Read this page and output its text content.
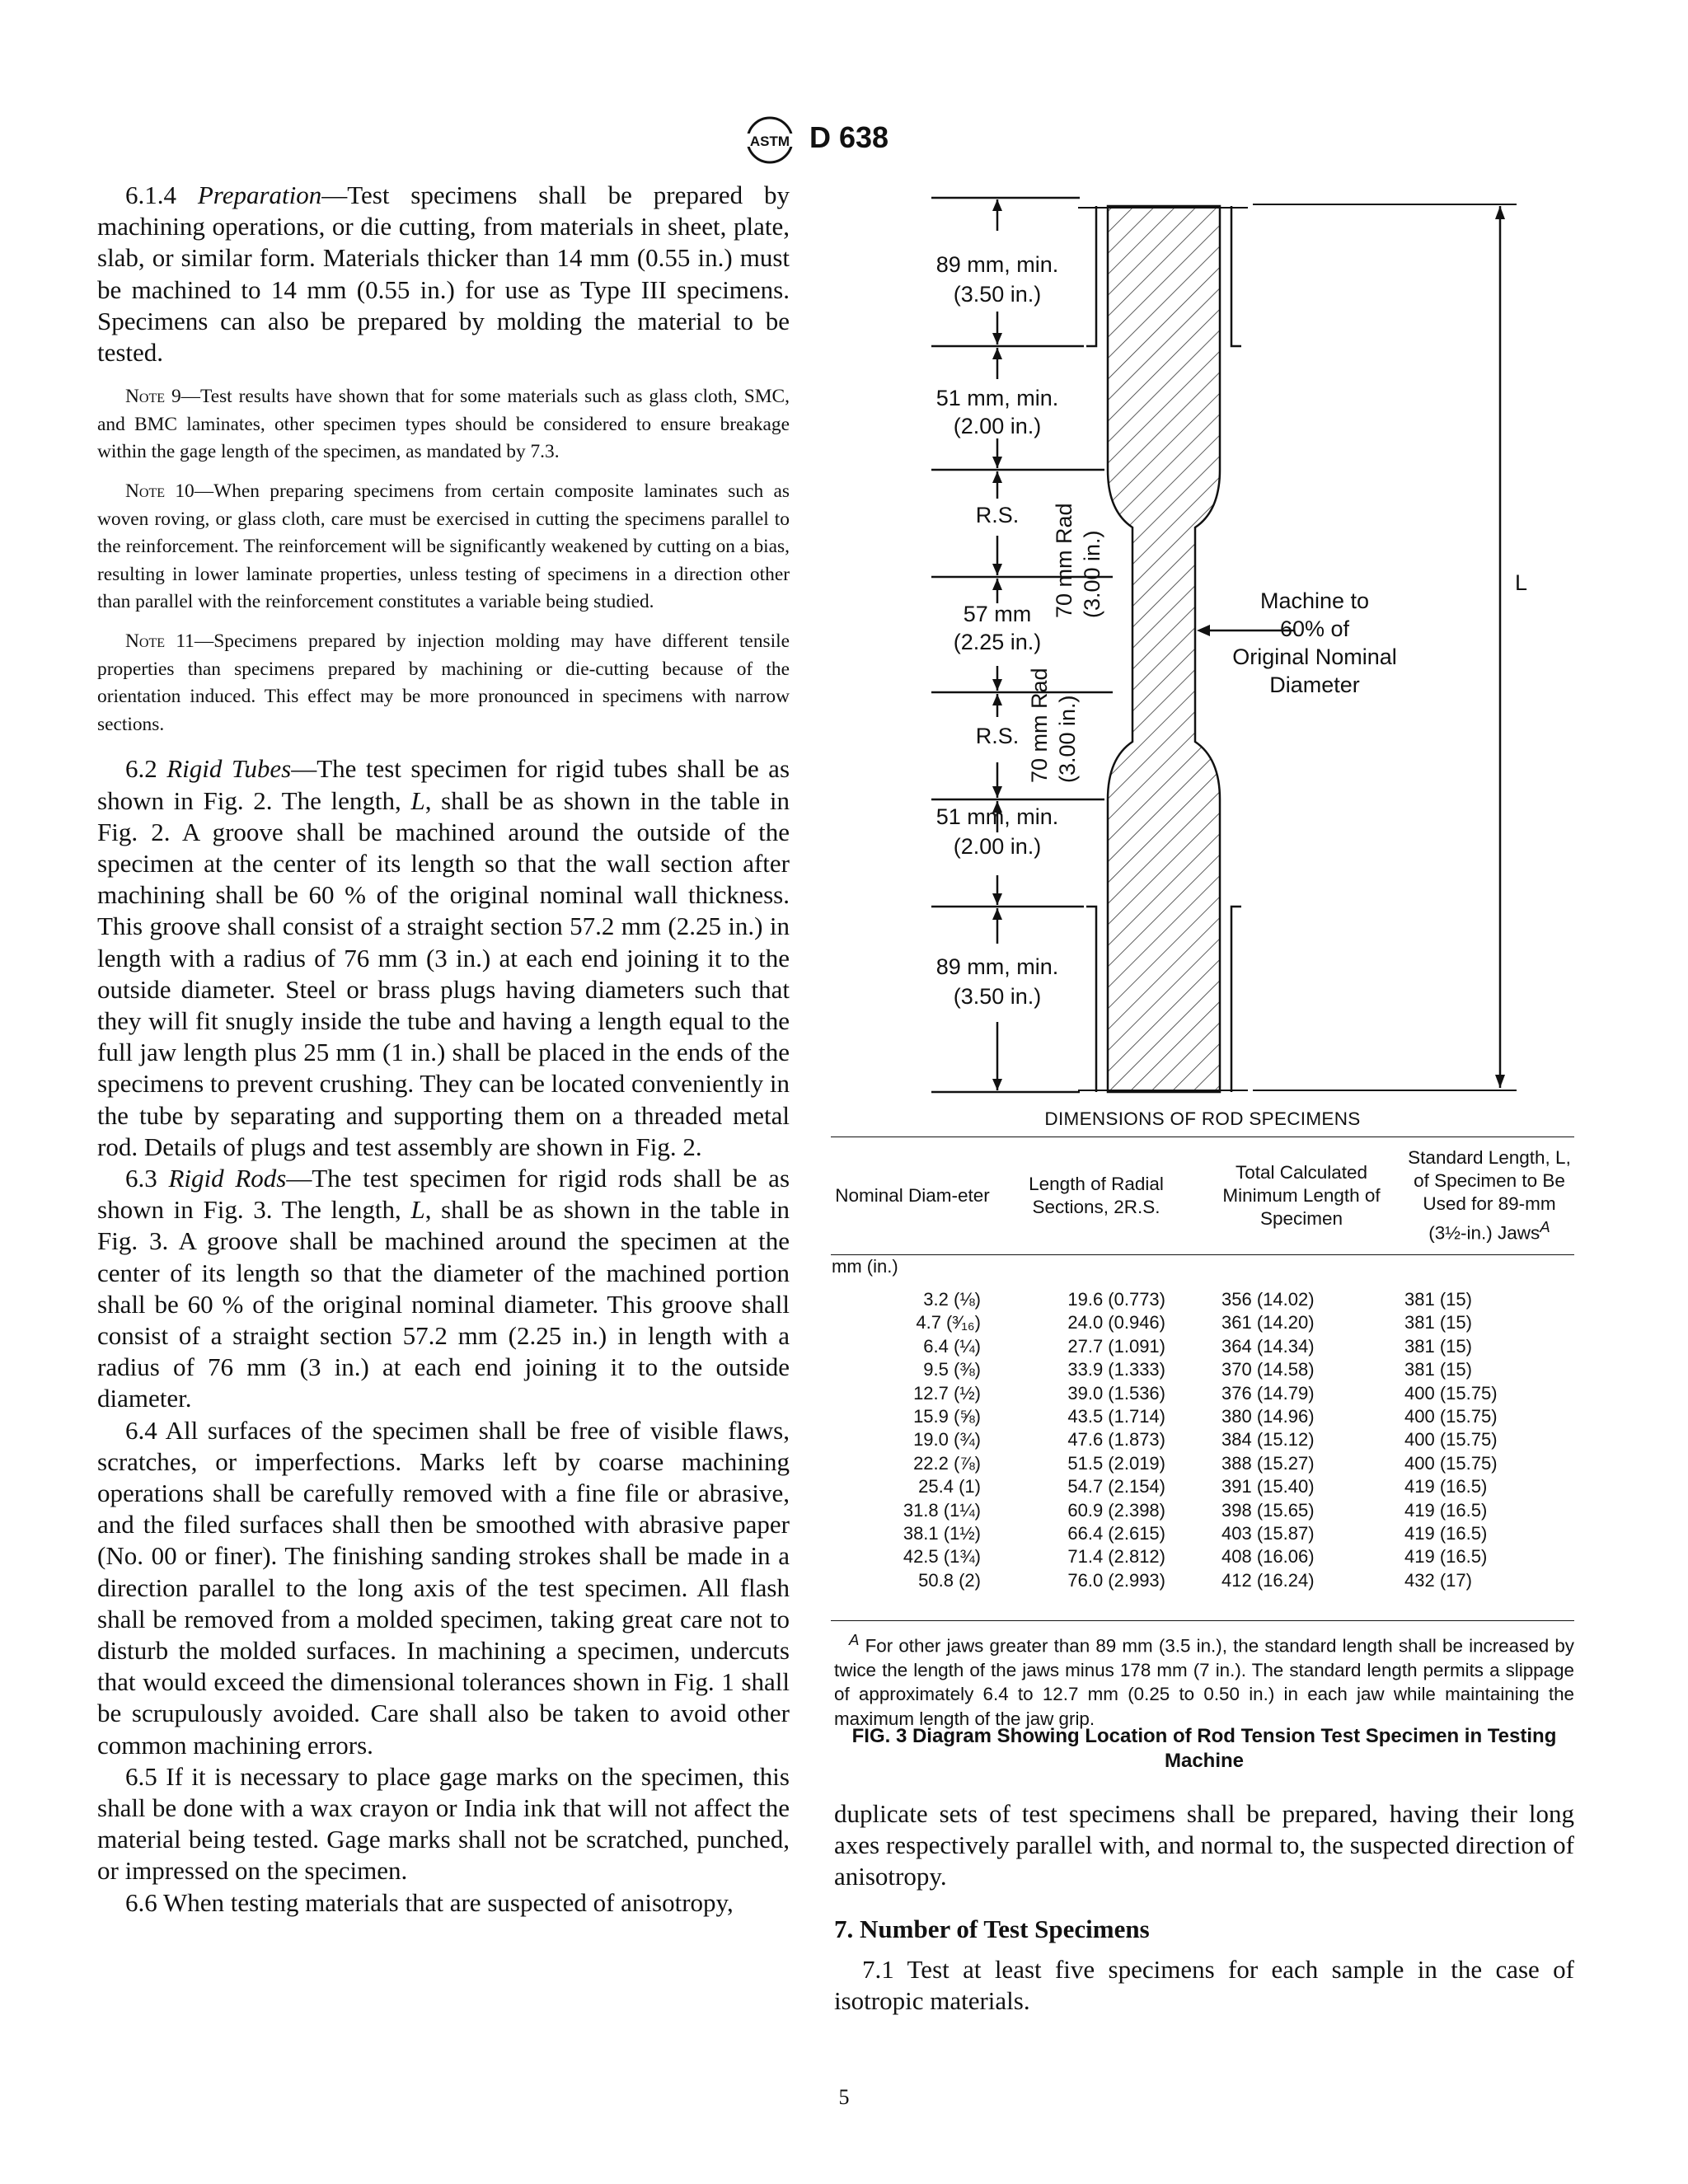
ASTM D 638

6.1.4 Preparation—Test specimens shall be prepared by machining operations, or die cutting, from materials in sheet, plate, slab, or similar form. Materials thicker than 14 mm (0.55 in.) must be machined to 14 mm (0.55 in.) for use as Type III specimens. Specimens can also be prepared by molding the material to be tested.

Note 9—Test results have shown that for some materials such as glass cloth, SMC, and BMC laminates, other specimen types should be considered to ensure breakage within the gage length of the specimen, as mandated by 7.3.

Note 10—When preparing specimens from certain composite laminates such as woven roving, or glass cloth, care must be exercised in cutting the specimens parallel to the reinforcement. The reinforcement will be significantly weakened by cutting on a bias, resulting in lower laminate properties, unless testing of specimens in a direction other than parallel with the reinforcement constitutes a variable being studied.

Note 11—Specimens prepared by injection molding may have different tensile properties than specimens prepared by machining or die-cutting because of the orientation induced. This effect may be more pronounced in specimens with narrow sections.

6.2 Rigid Tubes—The test specimen for rigid tubes shall be as shown in Fig. 2. The length, L, shall be as shown in the table in Fig. 2. A groove shall be machined around the outside of the specimen at the center of its length so that the wall section after machining shall be 60 % of the original nominal wall thickness. This groove shall consist of a straight section 57.2 mm (2.25 in.) in length with a radius of 76 mm (3 in.) at each end joining it to the outside diameter. Steel or brass plugs having diameters such that they will fit snugly inside the tube and having a length equal to the full jaw length plus 25 mm (1 in.) shall be placed in the ends of the specimens to prevent crushing. They can be located conveniently in the tube by separating and supporting them on a threaded metal rod. Details of plugs and test assembly are shown in Fig. 2.

6.3 Rigid Rods—The test specimen for rigid rods shall be as shown in Fig. 3. The length, L, shall be as shown in the table in Fig. 3. A groove shall be machined around the specimen at the center of its length so that the diameter of the machined portion shall be 60 % of the original nominal diameter. This groove shall consist of a straight section 57.2 mm (2.25 in.) in length with a radius of 76 mm (3 in.) at each end joining it to the outside diameter.

6.4 All surfaces of the specimen shall be free of visible flaws, scratches, or imperfections. Marks left by coarse machining operations shall be carefully removed with a fine file or abrasive, and the filed surfaces shall then be smoothed with abrasive paper (No. 00 or finer). The finishing sanding strokes shall be made in a direction parallel to the long axis of the test specimen. All flash shall be removed from a molded specimen, taking great care not to disturb the molded surfaces. In machining a specimen, undercuts that would exceed the dimensional tolerances shown in Fig. 1 shall be scrupulously avoided. Care shall also be taken to avoid other common machining errors.

6.5 If it is necessary to place gage marks on the specimen, this shall be done with a wax crayon or India ink that will not affect the material being tested. Gage marks shall not be scratched, punched, or impressed on the specimen.

6.6 When testing materials that are suspected of anisotropy,

89 mm, min.
(3.50 in.)
51 mm, min.
(2.00 in.)
R.S.
57 mm
(2.25 in.)
R.S.
51 mm, min.
(2.00 in.)
89 mm, min.
(3.50 in.)
70 mm Rad (3.00 in.)
70 mm Rad (3.00 in.)
Machine to
60% of
Original Nominal
Diameter
L
DIMENSIONS OF ROD SPECIMENS
Nominal Diam-eter	Length of Radial Sections, 2R.S.	Total Calculated Minimum Length of Specimen	Standard Length, L, of Specimen to Be Used for 89-mm (3½-in.) Jaws$^A$
mm (in.)			
3.2 (⅛)	19.6 (0.773)	356 (14.02)	381 (15)
4.7 (³⁄₁₆)	24.0 (0.946)	361 (14.20)	381 (15)
6.4 (¼)	27.7 (1.091)	364 (14.34)	381 (15)
9.5 (⅜)	33.9 (1.333)	370 (14.58)	381 (15)
12.7 (½)	39.0 (1.536)	376 (14.79)	400 (15.75)
15.9 (⅝)	43.5 (1.714)	380 (14.96)	400 (15.75)
19.0 (¾)	47.6 (1.873)	384 (15.12)	400 (15.75)
22.2 (⅞)	51.5 (2.019)	388 (15.27)	400 (15.75)
25.4 (1)	54.7 (2.154)	391 (15.40)	419 (16.5)
31.8 (1¼)	60.9 (2.398)	398 (15.65)	419 (16.5)
38.1 (1½)	66.4 (2.615)	403 (15.87)	419 (16.5)
42.5 (1¾)	71.4 (2.812)	408 (16.06)	419 (16.5)
50.8 (2)	76.0 (2.993)	412 (16.24)	432 (17)
$^A$ For other jaws greater than 89 mm (3.5 in.), the standard length shall be increased by twice the length of the jaws minus 178 mm (7 in.). The standard length permits a slippage of approximately 6.4 to 12.7 mm (0.25 to 0.50 in.) in each jaw while maintaining the maximum length of the jaw grip.
FIG. 3 Diagram Showing Location of Rod Tension Test Specimen in Testing Machine

duplicate sets of test specimens shall be prepared, having their long axes respectively parallel with, and normal to, the suspected direction of anisotropy.

7. Number of Test Specimens

7.1 Test at least five specimens for each sample in the case of isotropic materials.

5
